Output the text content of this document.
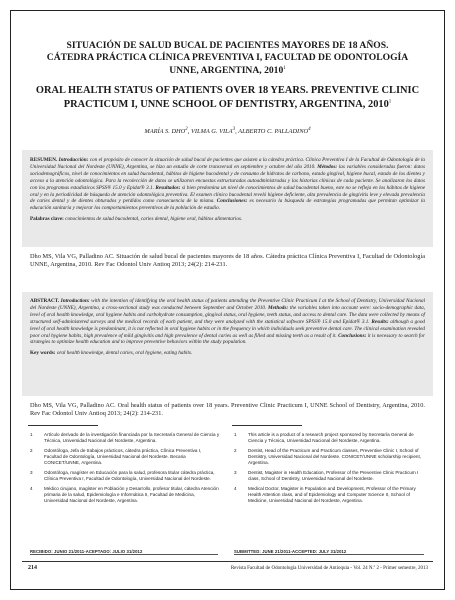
SITUACIÓN DE SALUD BUCAL DE PACIENTES MAYORES DE 18 AÑOS.
CÁTEDRA PRÁCTICA CLÍNICA PREVENTIVA I, FACULTAD DE ODONTOLOGÍA
UNNE, ARGENTINA, 2010$^1$
ORAL HEALTH STATUS OF PATIENTS OVER 18 YEARS. PREVENTIVE CLINIC
PRACTICUM I, UNNE SCHOOL OF DENTISTRY, ARGENTINA, 2010$^1$
MARÍA S. DHO$^2$, VILMA G. VILA$^3$, ALBERTO C. PALLADINO$^4$

RESUMEN. Introducción: con el propósito de conocer la situación de salud bucal de pacientes que asisten a la cátedra práctica. Clínica Preventiva I de la Facultad de Odontología de la Universidad Nacional del Nordeste (UNNE), Argentina, se hizo un estudio de corte transversal en septiembre y octubre del año 2010. Métodos: las variables consideradas fueron: datos sociodemográficos, nivel de conocimientos en salud bucodental, hábitos de higiene bucodental y de consumo de hidratos de carbono, estado gingival, higiene bucal, estado de los dientes y acceso a la atención odontológica. Para la recolección de datos se utilizaron encuestas estructuradas autoadministradas y las historias clínicas de cada paciente. Se analizaron los datos con los programas estadísticos SPSS® 15.0 y Epidat® 3.1. Resultados: si bien predomina un nivel de conocimientos de salud bucodental bueno, este no se refleja en los hábitos de higiene oral y en la periodicidad de búsqueda de atención odontológica preventiva. El examen clínico bucodental reveló higiene deficiente, alta prevalencia de gingivitis leve y elevada prevalencia de caries dental y de dientes obturados y perdidos como consecuencia de la misma. Conclusiones: es necesario la búsqueda de estrategias programadas que permitan optimizar la educación sanitaria y mejorar los comportamientos preventivos de la población de estudio.

Palabras clave: conocimientos de salud bucodental, caries dental, higiene oral, hábitos alimentarios.

Dho MS, Vila VG, Palladino AC. Situación de salud bucal de pacientes mayores de 18 años. Cátedra práctica Clínica Preventiva I, Facultad de Odontología UNNE, Argentina, 2010. Rev Fac Odontol Univ Antioq 2013; 24(2): 214-231.

ABSTRACT. Introduction: with the intention of identifying the oral health status of patients attending the Preventive Clinic Practicum I at the School of Dentistry, Universidad Nacional del Nordeste (UNNE), Argentina, a cross-sectional study was conducted between September and October 2010. Methods: the variables taken into account were: socio-demographic data, level of oral health knowledge, oral hygiene habits and carbohydrate consumption, gingival status, oral hygiene, teeth status, and access to dental care. The data were collected by means of structured self-administered surveys and the medical records of each patient, and they were analyzed with the statistical software SPSS® 15.0 and Epidat® 3.1. Results: although a good level of oral health knowledge is predominant, it is not reflected in oral hygiene habits or in the frequency in which individuals seek preventive dental care. The clinical examination revealed poor oral hygiene habits, high prevalence of mild gingivitis and high prevalence of dental caries as well as filled and missing teeth as a result of it. Conclusions: it is necessary to search for strategies to optimize health education and to improve preventive behaviors within the study population.

Key words: oral health knowledge, dental caries, oral hygiene, eating habits.

Dho MS, Vila VG, Palladino AC. Oral health status of patients over 18 years. Preventive Clinic Practicum I, UNNE School of Dentistry, Argentina, 2010. Rev Fac Odontol Univ Antioq 2013; 24(2): 214-231.

1	Artículo derivado de la investigación financiada por la Secretaría General de Ciencia y Técnica, Universidad Nacional del Nordeste, Argentina.
2	Odontóloga, Jefa de trabajos prácticos, cátedra práctica, Clínica Preventiva I, Facultad de Odontología, Universidad Nacional del Nordeste. Becaria CONICET/UNNE, Argentina.
3	Odontóloga, magíster en Educación para la salud, profesora titular cátedra práctica, Clínica Preventiva I, Facultad de Odontología, Universidad Nacional del Nordeste.
4	Médico cirujano, magíster en Población y Desarrollo, profesor titular, cátedra Atención primaria de la salud, Epidemiología e Informática II, Facultad de Medicina, Universidad Nacional del Nordeste, Argentina.
1	This article is a product of a research project sponsored by Secretaría General de Ciencia y Técnica, Universidad Nacional del Nordeste, Argentina.
2	Dentist, Head of the Practicum and Practicum classes, Preventive Clinic I, School of Dentistry, Universidad Nacional del Nordeste. CONICET/UNNE scholarship recipient, Argentina.
3	Dentist, Magister in Health Education, Professor of the Preventive Clinic Practicum I class, School of Dentistry, Universidad Nacional del Nordeste.
4	Medical Doctor, Magister in Population and Development, Professor of the Primary Health Attention class, and of Epidemiology and Computer Science II, School of Medicine, Universidad Nacional del Nordeste, Argentina.
RECIBIDO: JUNIO 21/2011-ACEPTADO: JULIO 31/2012	SUBMITTED: JUNE 21/2011-ACCEPTED: JULY 31/2012
214	Revista Facultad de Odontología Universidad de Antioquia - Vol. 24 N.º 2 - Primer semestre, 2013
